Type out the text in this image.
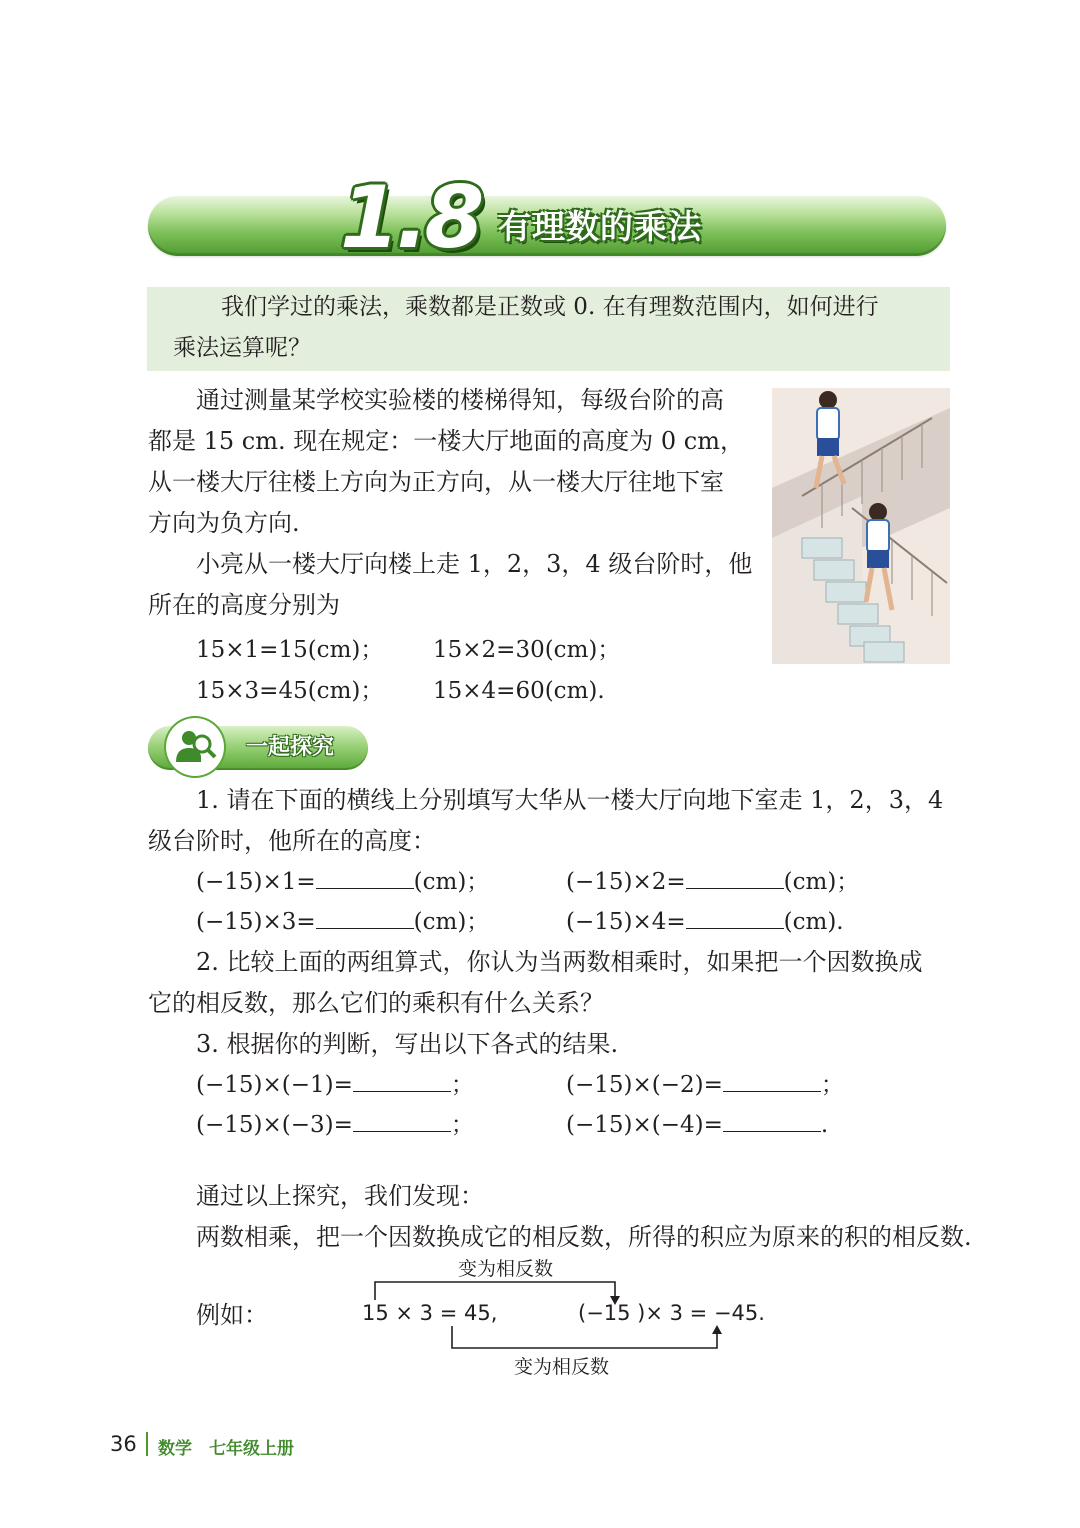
1.8 有理数的乘法

我们学过的乘法，乘数都是正数或 0. 在有理数范围内，如何进行

乘法运算呢？

通过测量某学校实验楼的楼梯得知，每级台阶的高

都是 15 cm. 现在规定：一楼大厅地面的高度为 0 cm，

从一楼大厅往楼上方向为正方向，从一楼大厅往地下室

方向为负方向.

小亮从一楼大厅向楼上走 1，2，3，4 级台阶时，他

所在的高度分别为

15×1=15(cm)； 15×2=30(cm)；
15×3=45(cm)； 15×4=60(cm).
一起探究

1. 请在下面的横线上分别填写大华从一楼大厅向地下室走 1，2，3，4

级台阶时，他所在的高度：

(−15)×1=	(cm)；	(−15)×2=	(cm)；
(−15)×3=	(cm)；	(−15)×4=	(cm).

2. 比较上面的两组算式，你认为当两数相乘时，如果把一个因数换成

它的相反数，那么它们的乘积有什么关系？

3. 根据你的判断，写出以下各式的结果.

(−15)×(−1)=	；	(−15)×(−2)=	；
(−15)×(−3)=	；	(−15)×(−4)=	.

通过以上探究，我们发现：

两数相乘，把一个因数换成它的相反数，所得的积应为原来的积的相反数.

例如：
变为相反数
变为相反数
15 × 3 = 45,	(−15 )× 3 = −45.
36 数学　七年级上册
